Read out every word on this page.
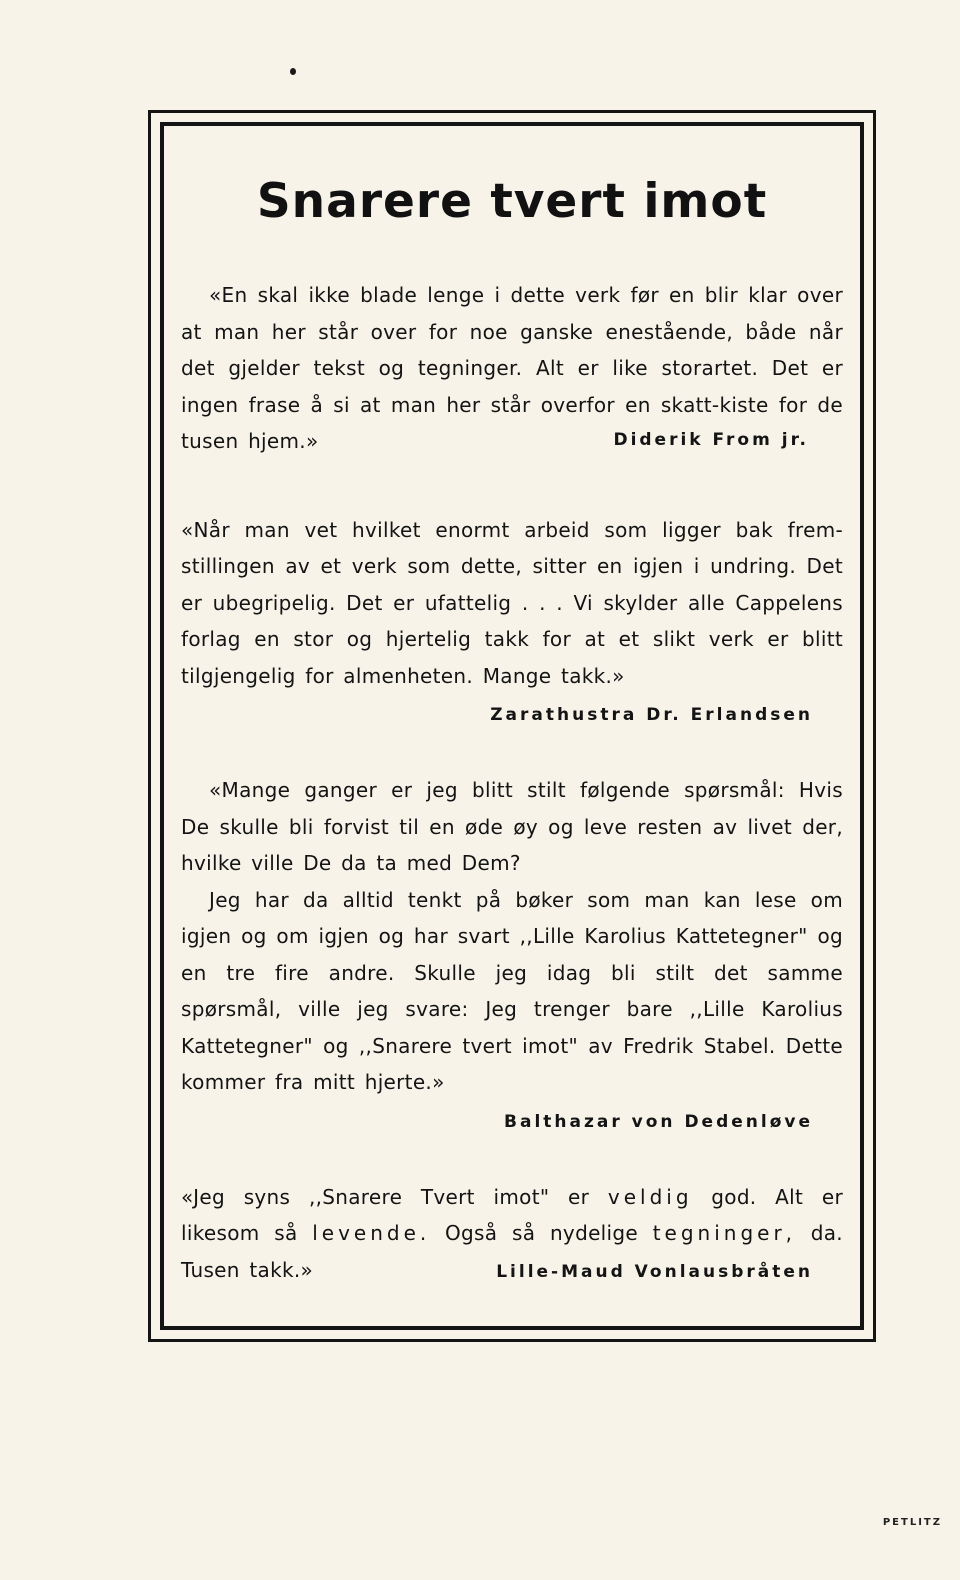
Snarere tvert imot

«En skal ikke blade lenge i dette verk før en blir klar over at man her står over for noe ganske enestående, både når det gjelder tekst og tegninger. Alt er like storartet. Det er ingen frase å si at man her står overfor en skatt-kiste for de tusen hjem.»	Diderik From jr.

«Når man vet hvilket enormt arbeid som ligger bak frem-stillingen av et verk som dette, sitter en igjen i undring. Det er ubegripelig. Det er ufattelig . . . Vi skylder alle Cappelens forlag en stor og hjertelig takk for at et slikt verk er blitt tilgjengelig for almenheten. Mange takk.»

Zarathustra Dr. Erlandsen

«Mange ganger er jeg blitt stilt følgende spørsmål: Hvis De skulle bli forvist til en øde øy og leve resten av livet der, hvilke ville De da ta med Dem?

Jeg har da alltid tenkt på bøker som man kan lese om igjen og om igjen og har svart ,,Lille Karolius Kattetegner" og en tre fire andre. Skulle jeg idag bli stilt det samme spørsmål, ville jeg svare: Jeg trenger bare ,,Lille Karolius Kattetegner" og ,,Snarere tvert imot" av Fredrik Stabel. Dette kommer fra mitt hjerte.»

Balthazar von Dedenløve

«Jeg syns ,,Snarere Tvert imot" er veldig god. Alt er likesom så levende. Også så nydelige tegninger, da. Tusen takk.»	Lille-Maud Vonlausbråten
PETLITZ
